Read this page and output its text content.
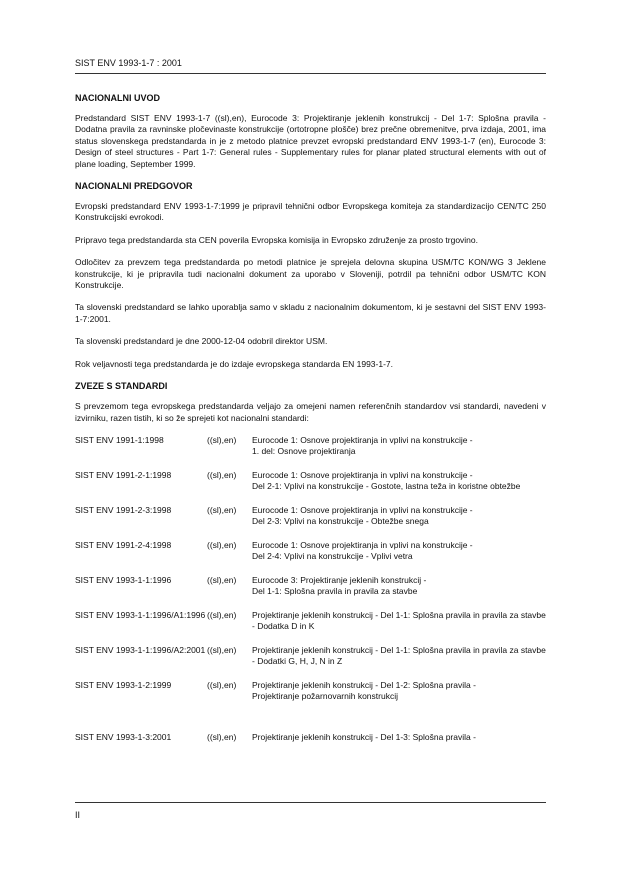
SIST ENV 1993-1-7 : 2001
NACIONALNI UVOD

Predstandard SIST ENV 1993-1-7 ((sl),en), Eurocode 3: Projektiranje jeklenih konstrukcij - Del 1-7: Splošna pravila - Dodatna pravila za ravninske pločevinaste konstrukcije (ortotropne plošče) brez prečne obremenitve, prva izdaja, 2001, ima status slovenskega predstandarda in je z metodo platnice prevzet evropski predstandard ENV 1993-1-7 (en), Eurocode 3: Design of steel structures - Part 1-7: General rules - Supplementary rules for planar plated structural elements with out of plane loading, September 1999.

NACIONALNI PREDGOVOR

Evropski predstandard ENV 1993-1-7:1999 je pripravil tehnični odbor Evropskega komiteja za standardizacijo CEN/TC 250 Konstrukcijski evrokodi.

Pripravo tega predstandarda sta CEN poverila Evropska komisija in Evropsko združenje za prosto trgovino.

Odločitev za prevzem tega predstandarda po metodi platnice je sprejela delovna skupina USM/TC KON/WG 3 Jeklene konstrukcije, ki je pripravila tudi nacionalni dokument za uporabo v Sloveniji, potrdil pa tehnični odbor USM/TC KON Konstrukcije.

Ta slovenski predstandard se lahko uporablja samo v skladu z nacionalnim dokumentom, ki je sestavni del SIST ENV 1993-1-7:2001.

Ta slovenski predstandard je dne 2000-12-04 odobril direktor USM.

Rok veljavnosti tega predstandarda je do izdaje evropskega standarda EN 1993-1-7.

ZVEZE S STANDARDI

S prevzemom tega evropskega predstandarda veljajo za omejeni namen referenčnih standardov vsi standardi, navedeni v izvirniku, razen tistih, ki so že sprejeti kot nacionalni standardi:

SIST ENV 1991-1:1998	((sl),en)	Eurocode 1: Osnove projektiranja in vplivi na konstrukcije -
1. del: Osnove projektiranja

SIST ENV 1991-2-1:1998	((sl),en)	Eurocode 1: Osnove projektiranja in vplivi na konstrukcije -
Del 2-1: Vplivi na konstrukcije - Gostote, lastna teža in koristne obtežbe

SIST ENV 1991-2-3:1998	((sl),en)	Eurocode 1: Osnove projektiranja in vplivi na konstrukcije -
Del 2-3: Vplivi na konstrukcije - Obtežbe snega

SIST ENV 1991-2-4:1998	((sl),en)	Eurocode 1: Osnove projektiranja in vplivi na konstrukcije -
Del 2-4: Vplivi na konstrukcije - Vplivi vetra

SIST ENV 1993-1-1:1996	((sl),en)	Eurocode 3: Projektiranje jeklenih konstrukcij -
Del 1-1: Splošna pravila in pravila za stavbe

SIST ENV 1993-1-1:1996/A1:1996	((sl),en)	Projektiranje jeklenih konstrukcij - Del 1-1: Splošna pravila in pravila za stavbe - Dodatka D in K

SIST ENV 1993-1-1:1996/A2:2001	((sl),en)	Projektiranje jeklenih konstrukcij - Del 1-1: Splošna pravila in pravila za stavbe - Dodatki G, H, J, N in Z

SIST ENV 1993-1-2:1999	((sl),en)	Projektiranje jeklenih konstrukcij - Del 1-2: Splošna pravila -
Projektiranje požarnovarnih konstrukcij

SIST ENV 1993-1-3:2001	((sl),en)	Projektiranje jeklenih konstrukcij - Del 1-3: Splošna pravila -
II
